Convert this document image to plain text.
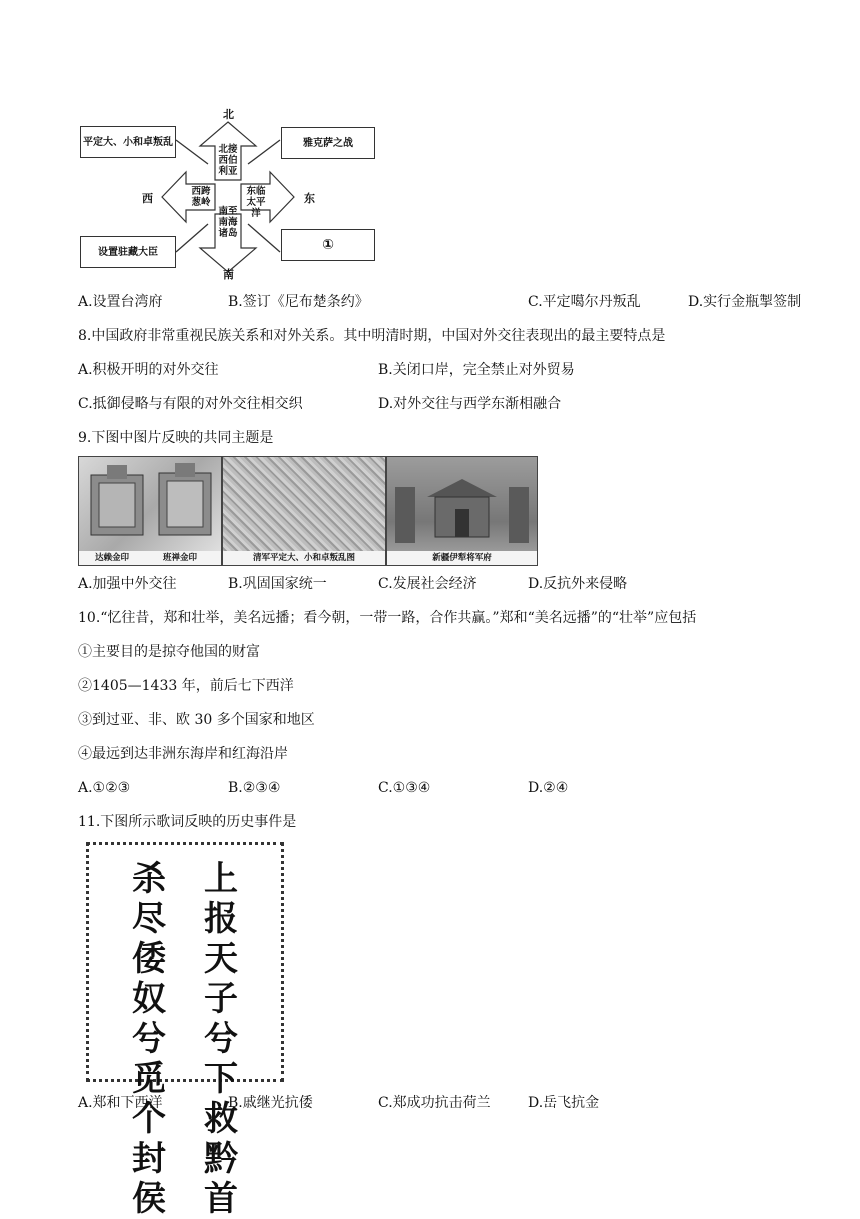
北
南
西	东
平定大、小和卓叛乱	雅克萨之战
设置驻藏大臣	①
北接西伯利亚
西跨葱岭
东临太平洋
南至南海诸岛
A.设置台湾府	B.签订《尼布楚条约》	C.平定噶尔丹叛乱	D.实行金瓶掣签制
8.中国政府非常重视民族关系和对外关系。其中明清时期，中国对外交往表现出的最主要特点是
A.积极开明的对外交往	B.关闭口岸，完全禁止对外贸易
C.抵御侵略与有限的对外交往相交织	D.对外交往与西学东渐相融合
9.下图中图片反映的共同主题是
达赖金印	班禅金印	清军平定大、小和卓叛乱图	新疆伊犁将军府
A.加强中外交往	B.巩固国家统一	C.发展社会经济	D.反抗外来侵略
10.“忆往昔，郑和壮举，美名远播；看今朝，一带一路，合作共赢。”郑和“美名远播”的“壮举”应包括
①主要目的是掠夺他国的财富
②1405—1433 年，前后七下西洋
③到过亚、非、欧 30 多个国家和地区
④最远到达非洲东海岸和红海沿岸
A.①②③	B.②③④	C.①③④	D.②④
11.下图所示歌词反映的历史事件是
上报天子兮下救黔首
杀尽倭奴兮觅个封侯
A.郑和下西洋	B.戚继光抗倭	C.郑成功抗击荷兰	D.岳飞抗金
